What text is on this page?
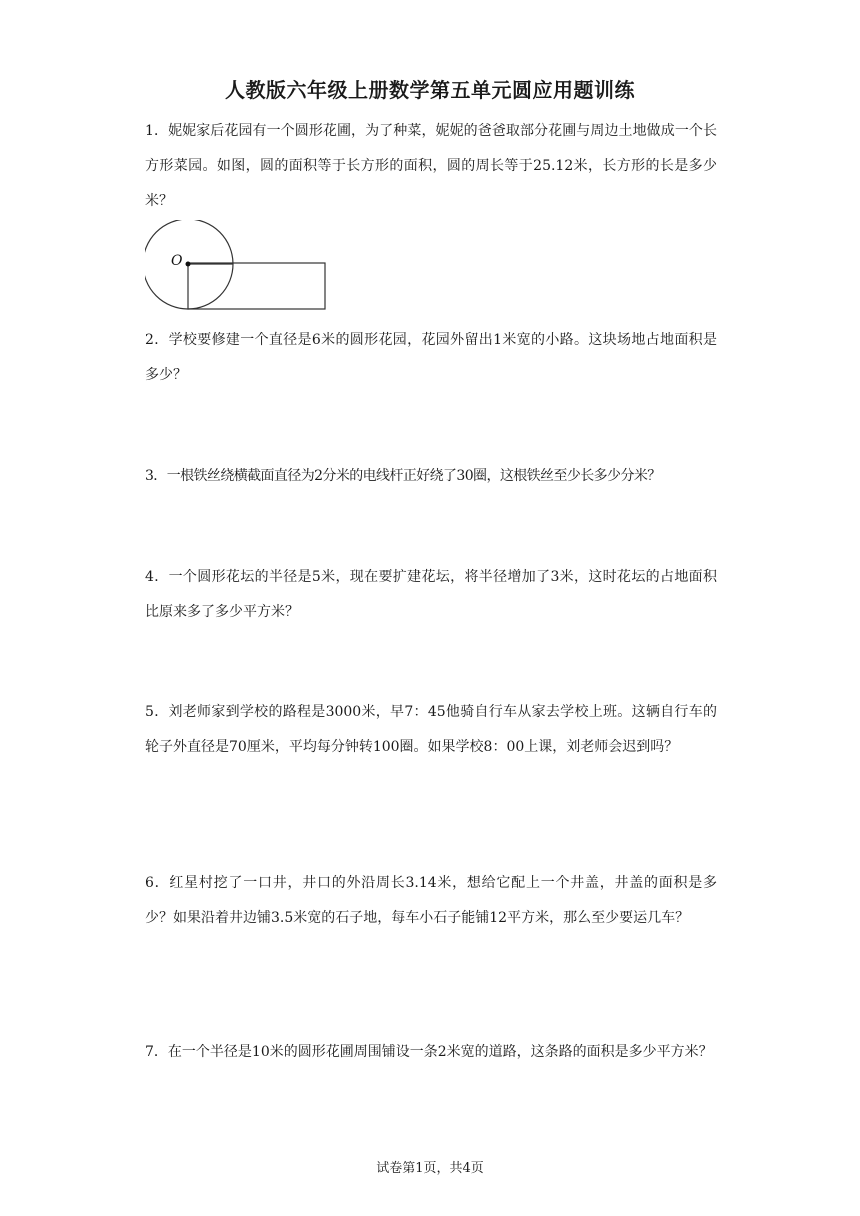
人教版六年级上册数学第五单元圆应用题训练
1．妮妮家后花园有一个圆形花圃，为了种菜，妮妮的爸爸取部分花圃与周边土地做成一个长方形菜园。如图，圆的面积等于长方形的面积，圆的周长等于25.12米，长方形的长是多少米？
O
2．学校要修建一个直径是6米的圆形花园，花园外留出1米宽的小路。这块场地占地面积是多少？
3．一根铁丝绕横截面直径为2分米的电线杆正好绕了30圈，这根铁丝至少长多少分米？
4．一个圆形花坛的半径是5米，现在要扩建花坛，将半径增加了3米，这时花坛的占地面积比原来多了多少平方米？
5．刘老师家到学校的路程是3000米，早7：45他骑自行车从家去学校上班。这辆自行车的轮子外直径是70厘米，平均每分钟转100圈。如果学校8：00上课，刘老师会迟到吗？
6．红星村挖了一口井，井口的外沿周长3.14米，想给它配上一个井盖，井盖的面积是多少？如果沿着井边铺3.5米宽的石子地，每车小石子能铺12平方米，那么至少要运几车？
7．在一个半径是10米的圆形花圃周围铺设一条2米宽的道路，这条路的面积是多少平方米？
试卷第1页，共4页
